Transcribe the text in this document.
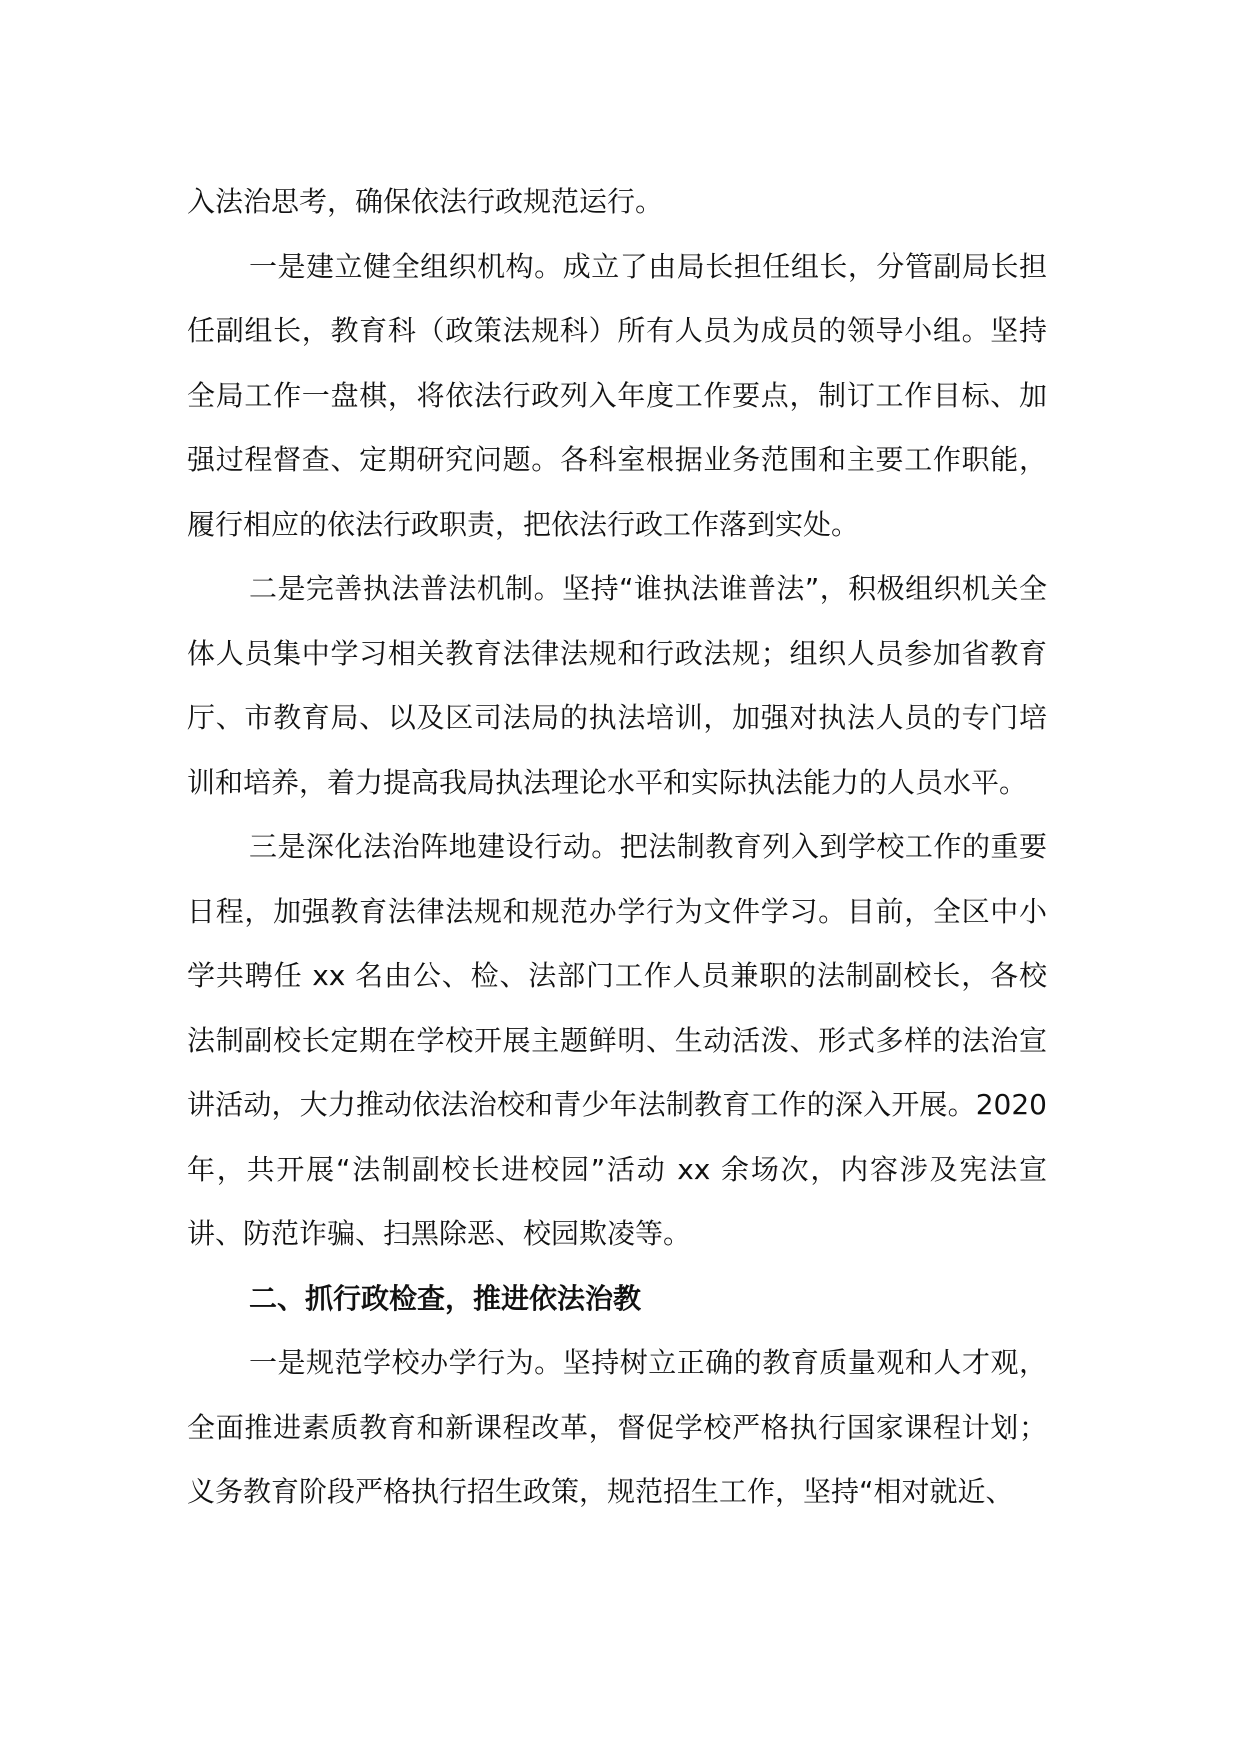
入法治思考，确保依法行政规范运行。

一是建立健全组织机构。成立了由局长担任组长，分管副局长担任副组长，教育科（政策法规科）所有人员为成员的领导小组。坚持全局工作一盘棋，将依法行政列入年度工作要点，制订工作目标、加强过程督查、定期研究问题。各科室根据业务范围和主要工作职能，履行相应的依法行政职责，把依法行政工作落到实处。

二是完善执法普法机制。坚持“谁执法谁普法”，积极组织机关全体人员集中学习相关教育法律法规和行政法规；组织人员参加省教育厅、市教育局、以及区司法局的执法培训，加强对执法人员的专门培训和培养，着力提高我局执法理论水平和实际执法能力的人员水平。

三是深化法治阵地建设行动。把法制教育列入到学校工作的重要日程，加强教育法律法规和规范办学行为文件学习。目前，全区中小学共聘任 xx 名由公、检、法部门工作人员兼职的法制副校长，各校法制副校长定期在学校开展主题鲜明、生动活泼、形式多样的法治宣讲活动，大力推动依法治校和青少年法制教育工作的深入开展。2020 年，共开展“法制副校长进校园”活动 xx 余场次，内容涉及宪法宣讲、防范诈骗、扫黑除恶、校园欺凌等。

二、抓行政检查，推进依法治教

一是规范学校办学行为。坚持树立正确的教育质量观和人才观，全面推进素质教育和新课程改革，督促学校严格执行国家课程计划；义务教育阶段严格执行招生政策，规范招生工作，坚持“相对就近、
